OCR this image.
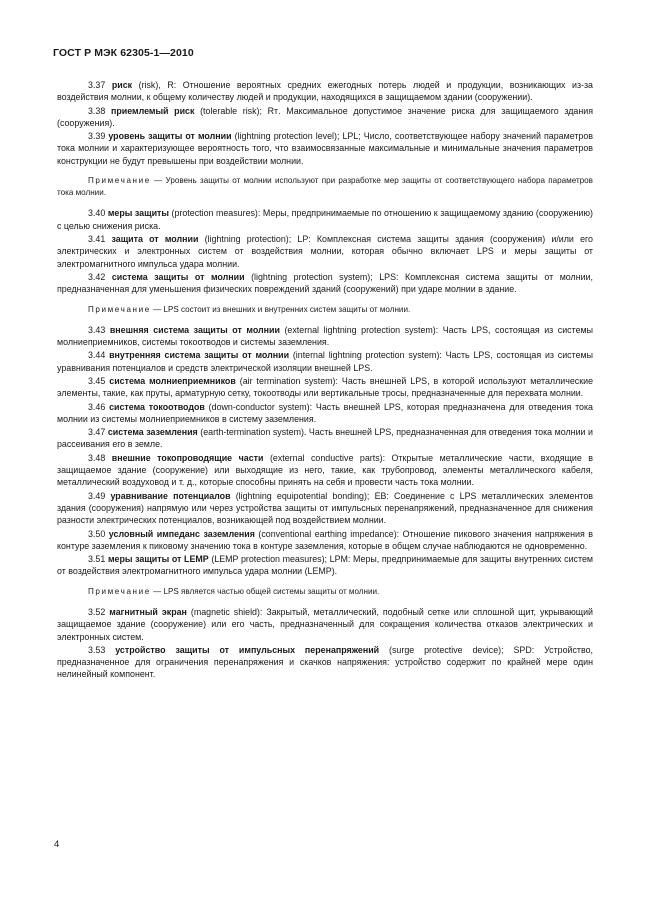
ГОСТ Р МЭК 62305-1—2010

3.37 риск (risk), R: Отношение вероятных средних ежегодных потерь людей и продукции, возникающих из-за воздействия молнии, к общему количеству людей и продукции, находящихся в защищаемом здании (сооружении).

3.38 приемлемый риск (tolerable risk); Rᴛ. Максимальное допустимое значение риска для защищаемого здания (сооружения).

3.39 уровень защиты от молнии (lightning protection level); LPL; Число, соответствующее набору значений параметров тока молнии и характеризующее вероятность того, что взаимосвязанные максимальные и минимальные значения параметров конструкции не будут превышены при воздействии молнии.

Примечание — Уровень защиты от молнии используют при разработке мер защиты от соответствующего набора параметров тока молнии.

3.40 меры защиты (protection measures): Меры, предпринимаемые по отношению к защищаемому зданию (сооружению) с целью снижения риска.

3.41 защита от молнии (lightning protection); LP: Комплексная система защиты здания (сооружения) и/или его электрических и электронных систем от воздействия молнии, которая обычно включает LPS и меры защиты от электромагнитного импульса удара молнии.

3.42 система защиты от молнии (lightning protection system); LPS: Комплексная система защиты от молнии, предназначенная для уменьшения физических повреждений зданий (сооружений) при ударе молнии в здание.

Примечание — LPS состоит из внешних и внутренних систем защиты от молнии.

3.43 внешняя система защиты от молнии (external lightning protection system): Часть LPS, состоящая из системы молниеприемников, системы токоотводов и системы заземления.

3.44 внутренняя система защиты от молнии (internal lightning protection system): Часть LPS, состоящая из системы уравнивания потенциалов и средств электрической изоляции внешней LPS.

3.45 система молниеприемников (air termination system): Часть внешней LPS, в которой используют металлические элементы, такие, как пруты, арматурную сетку, токоотводы или вертикальные тросы, предназначенные для перехвата молнии.

3.46 система токоотводов (down-conductor system): Часть внешней LPS, которая предназначена для отведения тока молнии из системы молниеприемников в систему заземления.

3.47 система заземления (earth-termination system). Часть внешней LPS, предназначенная для отведения тока молнии и рассеивания его в земле.

3.48 внешние токопроводящие части (external conductive parts): Открытые металлические части, входящие в защищаемое здание (сооружение) или выходящие из него, такие, как трубопровод, элементы металлического кабеля, металлический воздуховод и т. д., которые способны принять на себя и провести часть тока молнии.

3.49 уравнивание потенциалов (lightning equipotential bonding); EB: Соединение с LPS металлических элементов здания (сооружения) напрямую или через устройства защиты от импульсных перенапряжений, предназначенное для снижения разности электрических потенциалов, возникающей под воздействием молнии.

3.50 условный импеданс заземления (conventional earthing impedance): Отношение пикового значения напряжения в контуре заземления к пиковому значению тока в контуре заземления, которые в общем случае наблюдаются не одновременно.

3.51 меры защиты от LEMP (LEMP protection measures); LPM: Меры, предпринимаемые для защиты внутренних систем от воздействия электромагнитного импульса удара молнии (LEMP).

Примечание — LPS является частью общей системы защиты от молнии.

3.52 магнитный экран (magnetic shield): Закрытый, металлический, подобный сетке или сплошной щит, укрывающий защищаемое здание (сооружение) или его часть, предназначенный для сокращения количества отказов электрических и электронных систем.

3.53 устройство защиты от импульсных перенапряжений (surge protective device); SPD: Устройство, предназначенное для ограничения перенапряжения и скачков напряжения: устройство содержит по крайней мере один нелинейный компонент.

4
